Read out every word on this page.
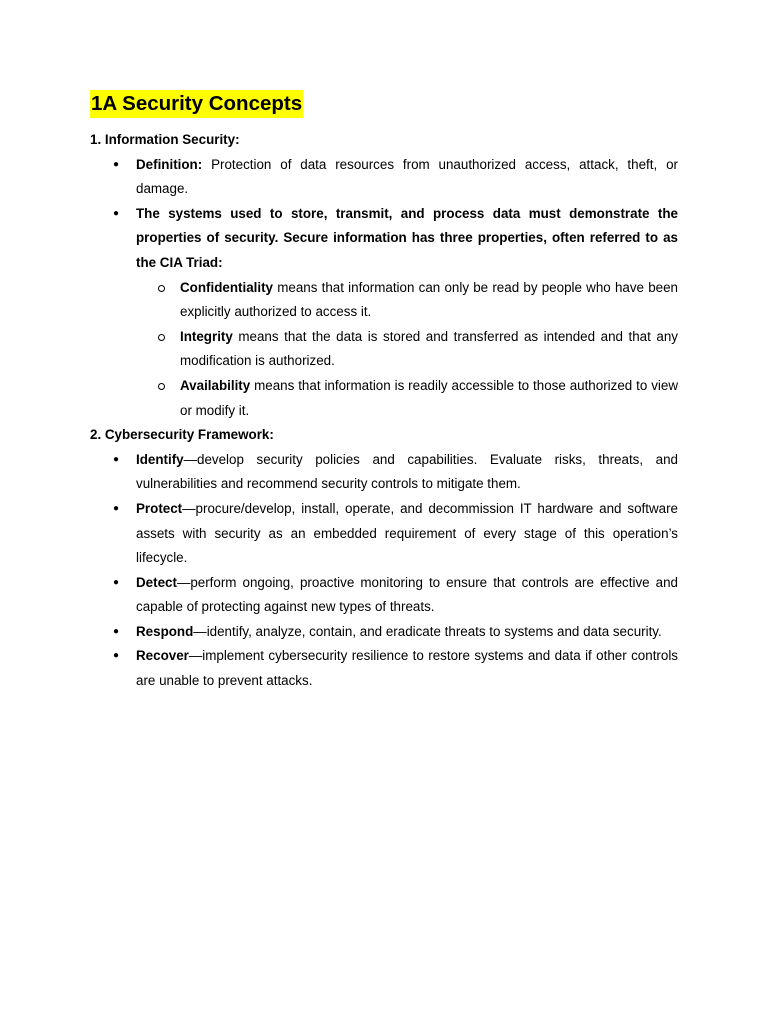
1A Security Concepts
1. Information Security:
● Definition: Protection of data resources from unauthorized access, attack, theft, or damage.
● The systems used to store, transmit, and process data must demonstrate the properties of security. Secure information has three properties, often referred to as the CIA Triad:
Confidentiality means that information can only be read by people who have been explicitly authorized to access it.
Integrity means that the data is stored and transferred as intended and that any modification is authorized.
Availability means that information is readily accessible to those authorized to view or modify it.
2. Cybersecurity Framework:
● Identify—develop security policies and capabilities. Evaluate risks, threats, and vulnerabilities and recommend security controls to mitigate them.
● Protect—procure/develop, install, operate, and decommission IT hardware and software assets with security as an embedded requirement of every stage of this operation’s lifecycle.
● Detect—perform ongoing, proactive monitoring to ensure that controls are effective and capable of protecting against new types of threats.
● Respond—identify, analyze, contain, and eradicate threats to systems and data security.
● Recover—implement cybersecurity resilience to restore systems and data if other controls are unable to prevent attacks.
